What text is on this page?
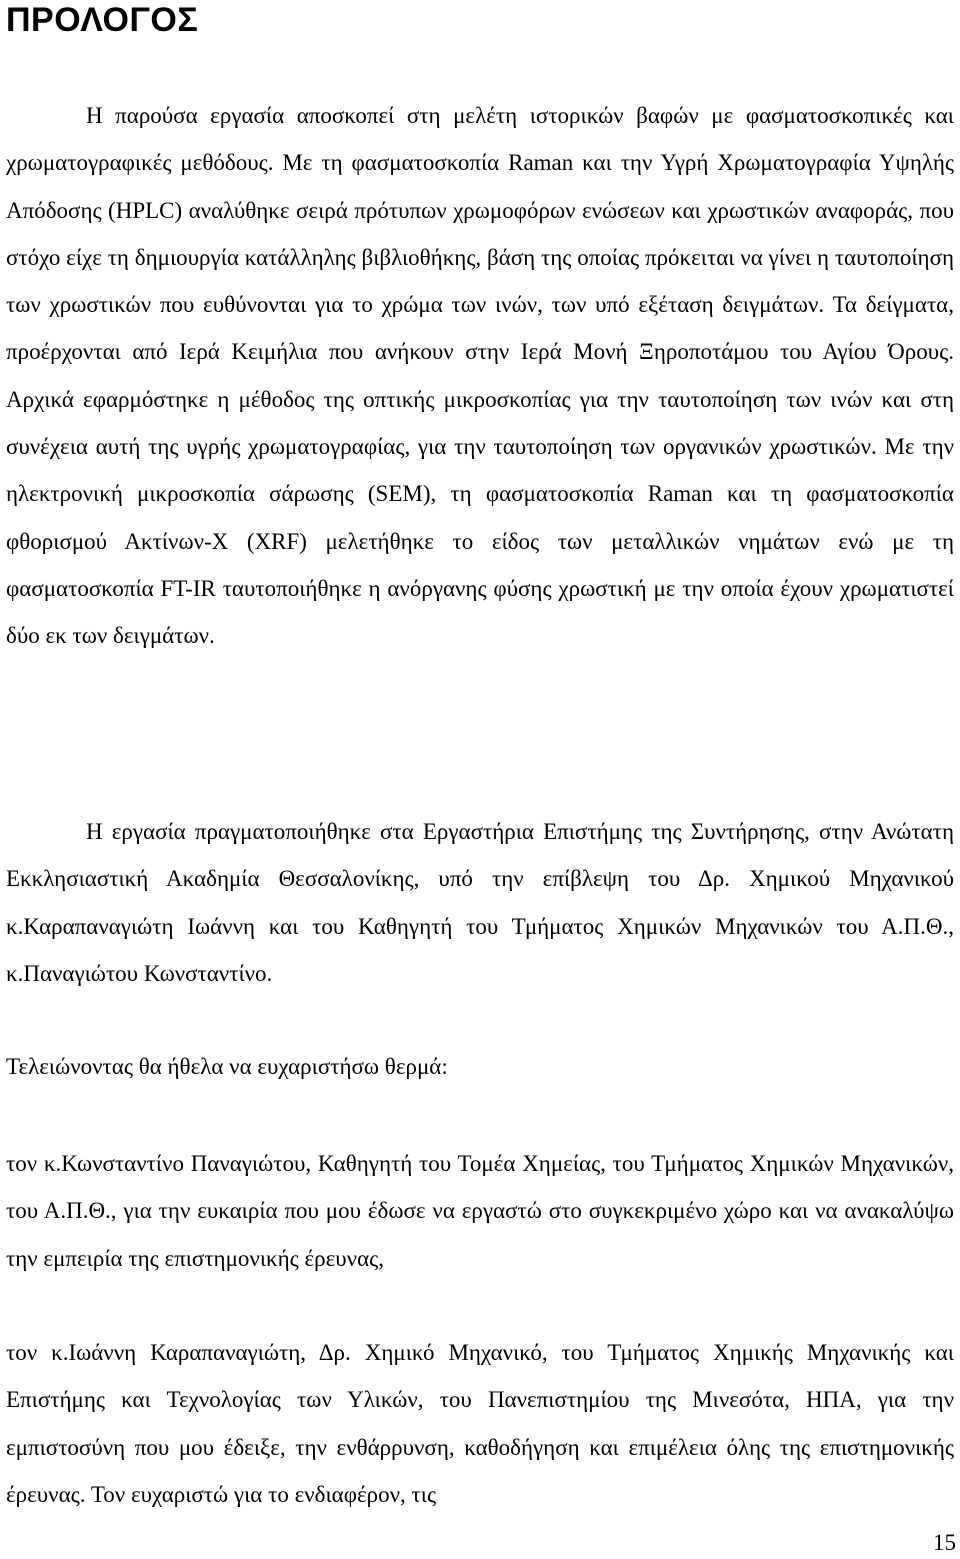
ΠΡΟΛΟΓΟΣ

Η παρούσα εργασία αποσκοπεί στη μελέτη ιστορικών βαφών με φασματοσκοπικές και χρωματογραφικές μεθόδους. Με τη φασματοσκοπία Raman και την Υγρή Χρωματογραφία Υψηλής Απόδοσης (HPLC) αναλύθηκε σειρά πρότυπων χρωμοφόρων ενώσεων και χρωστικών αναφοράς, που στόχο είχε τη δημιουργία κατάλληλης βιβλιοθήκης, βάση της οποίας πρόκειται να γίνει η ταυτοποίηση των χρωστικών που ευθύνονται για το χρώμα των ινών, των υπό εξέταση δειγμάτων. Τα δείγματα, προέρχονται από Ιερά Κειμήλια που ανήκουν στην Ιερά Μονή Ξηροποτάμου του Αγίου Όρους. Αρχικά εφαρμόστηκε η μέθοδος της οπτικής μικροσκοπίας για την ταυτοποίηση των ινών και στη συνέχεια αυτή της υγρής χρωματογραφίας, για την ταυτοποίηση των οργανικών χρωστικών. Με την ηλεκτρονική μικροσκοπία σάρωσης (SEM), τη φασματοσκοπία Raman και τη φασματοσκοπία φθορισμού Ακτίνων-Χ (XRF) μελετήθηκε το είδος των μεταλλικών νημάτων ενώ με τη φασματοσκοπία FT-IR ταυτοποιήθηκε η ανόργανης φύσης χρωστική με την οποία έχουν χρωματιστεί δύο εκ των δειγμάτων.

Η εργασία πραγματοποιήθηκε στα Εργαστήρια Επιστήμης της Συντήρησης, στην Ανώτατη Εκκλησιαστική Ακαδημία Θεσσαλονίκης, υπό την επίβλεψη του Δρ. Χημικού Μηχανικού κ.Καραπαναγιώτη Ιωάννη και του Καθηγητή του Τμήματος Χημικών Μηχανικών του Α.Π.Θ., κ.Παναγιώτου Κωνσταντίνο.

Τελειώνοντας θα ήθελα να ευχαριστήσω θερμά:

τον κ.Κωνσταντίνο Παναγιώτου, Καθηγητή του Τομέα Χημείας, του Τμήματος Χημικών Μηχανικών, του Α.Π.Θ., για την ευκαιρία που μου έδωσε να εργαστώ στο συγκεκριμένο χώρο και να ανακαλύψω την εμπειρία της επιστημονικής έρευνας,

τον κ.Ιωάννη Καραπαναγιώτη, Δρ. Χημικό Μηχανικό, του Τμήματος Χημικής Μηχανικής και Επιστήμης και Τεχνολογίας των Υλικών, του Πανεπιστημίου της Μινεσότα, ΗΠΑ, για την εμπιστοσύνη που μου έδειξε, την ενθάρρυνση, καθοδήγηση και επιμέλεια όλης της επιστημονικής έρευνας. Τον ευχαριστώ για το ενδιαφέρον, τις

15
